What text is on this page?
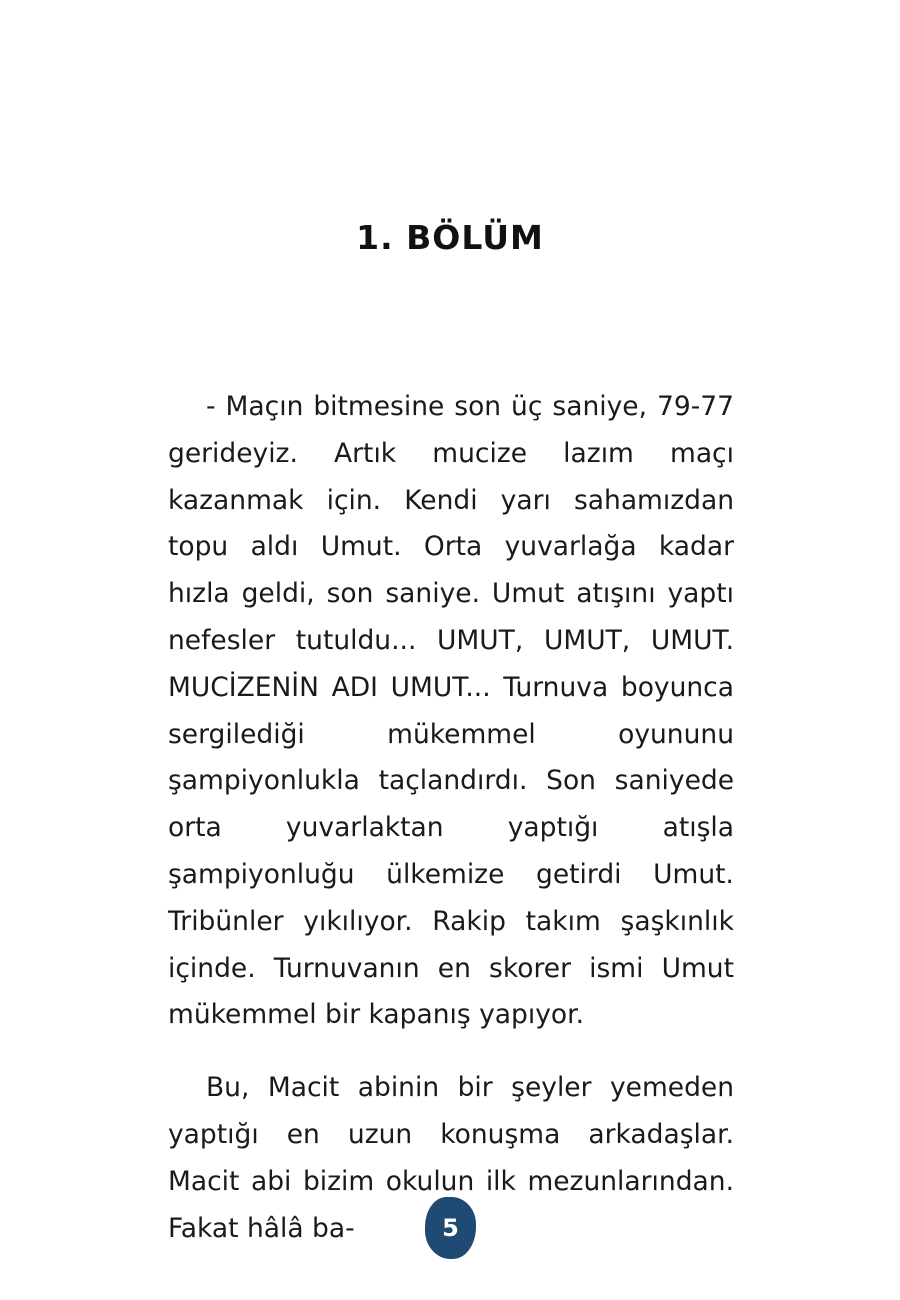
1. BÖLÜM

- Maçın bitmesine son üç saniye, 79-77 gerideyiz. Artık mucize lazım maçı kazanmak için. Kendi yarı sahamızdan topu aldı Umut. Orta yuvarlağa kadar hızla geldi, son saniye. Umut atışını yaptı nefesler tutuldu... UMUT, UMUT, UMUT. MUCİZENİN ADI UMUT... Turnuva boyunca sergilediği mükemmel oyununu şampiyonlukla taçlandırdı. Son saniyede orta yuvarlaktan yaptığı atışla şampiyonluğu ülkemize getirdi Umut. Tribünler yıkılıyor. Rakip takım şaşkınlık içinde. Turnuvanın en skorer ismi Umut mükemmel bir kapanış yapıyor.

Bu, Macit abinin bir şeyler yemeden yaptığı en uzun konuşma arkadaşlar. Macit abi bizim okulun ilk mezunlarından. Fakat hâlâ ba-	5
